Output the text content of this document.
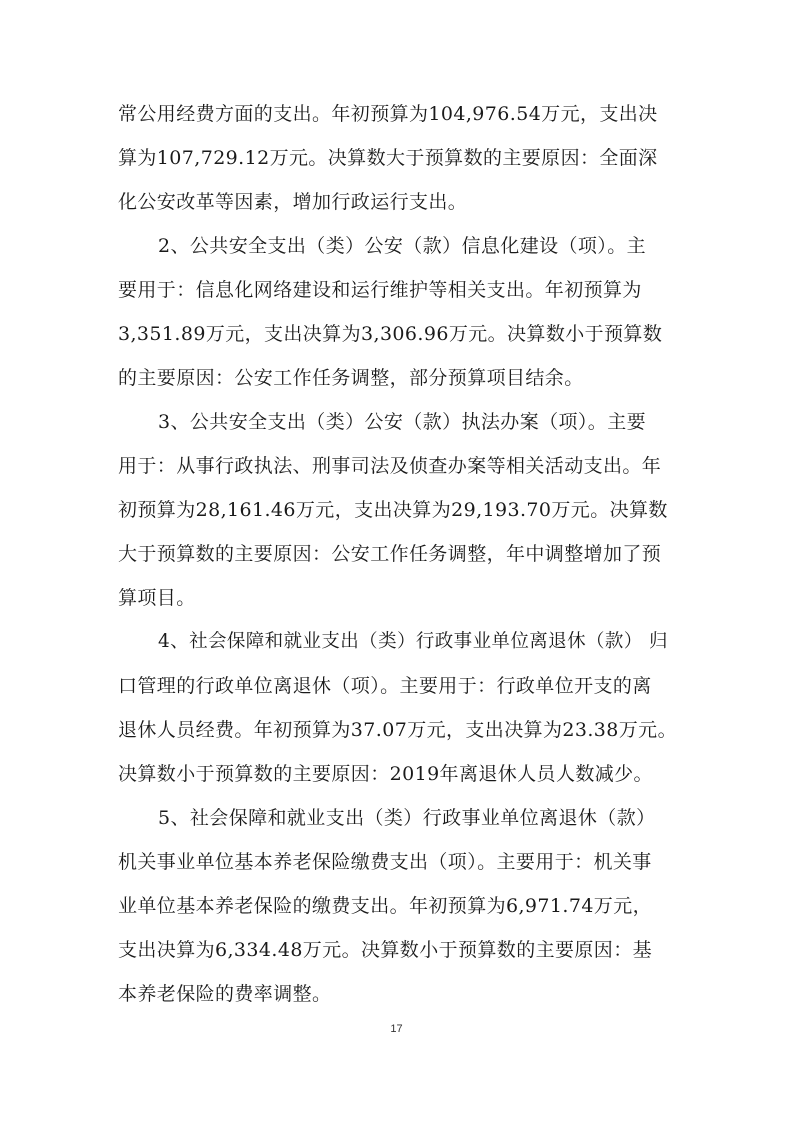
常公用经费方面的支出。年初预算为104,976.54万元，支出决
算为107,729.12万元。决算数大于预算数的主要原因：全面深
化公安改革等因素，增加行政运行支出。
2、公共安全支出（类）公安（款）信息化建设（项）。主
要用于：信息化网络建设和运行维护等相关支出。年初预算为
3,351.89万元，支出决算为3,306.96万元。决算数小于预算数
的主要原因：公安工作任务调整，部分预算项目结余。
3、公共安全支出（类）公安（款）执法办案（项）。主要
用于：从事行政执法、刑事司法及侦查办案等相关活动支出。年
初预算为28,161.46万元，支出决算为29,193.70万元。决算数
大于预算数的主要原因：公安工作任务调整，年中调整增加了预
算项目。
4、社会保障和就业支出（类）行政事业单位离退休（款） 归
口管理的行政单位离退休（项）。主要用于：行政单位开支的离
退休人员经费。年初预算为37.07万元，支出决算为23.38万元。
决算数小于预算数的主要原因：2019年离退休人员人数减少。
5、社会保障和就业支出（类）行政事业单位离退休（款）
机关事业单位基本养老保险缴费支出（项）。主要用于：机关事
业单位基本养老保险的缴费支出。年初预算为6,971.74万元，
支出决算为6,334.48万元。决算数小于预算数的主要原因：基
本养老保险的费率调整。
17
